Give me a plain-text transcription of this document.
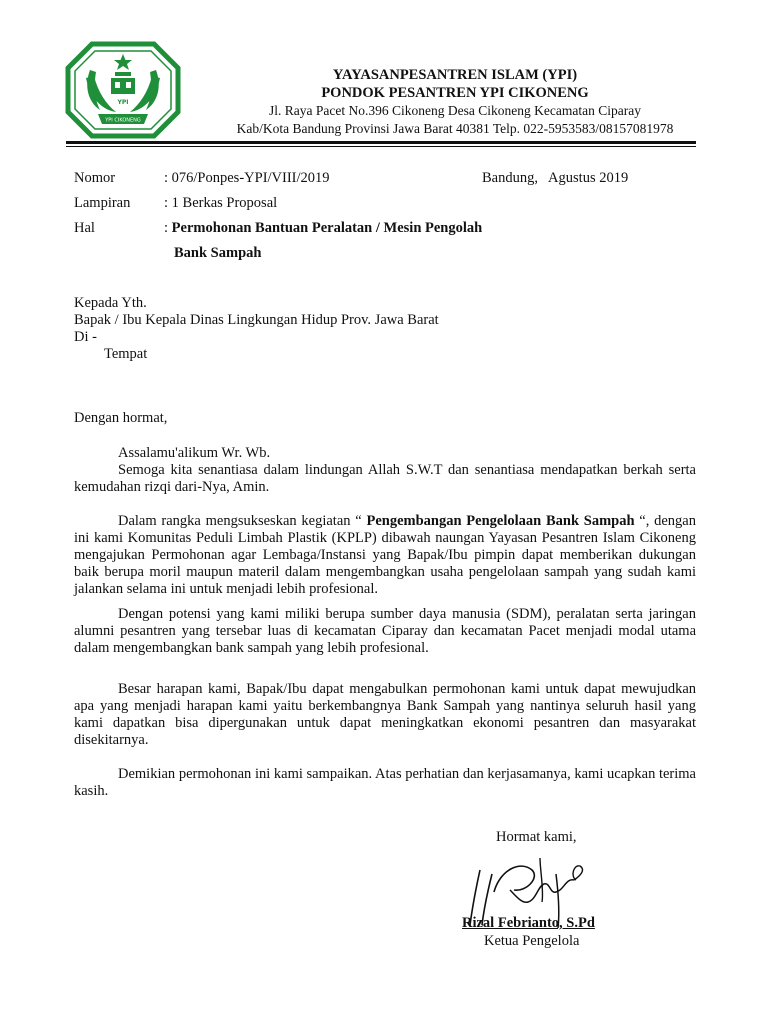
YPI CIKONENG
YPI
YAYASANPESANTREN ISLAM (YPI)
PONDOK PESANTREN YPI CIKONENG
Jl. Raya Pacet No.396 Cikoneng Desa Cikoneng Kecamatan Ciparay
Kab/Kota Bandung Provinsi Jawa Barat 40381 Telp. 022-5953583/08157081978
Nomor	: 076/Ponpes-YPI/VIII/2019	Bandung,   Agustus 2019
Lampiran : 1 Berkas Proposal
Hal	: Permohonan Bantuan Peralatan / Mesin Pengolah
Bank Sampah
Kepada Yth.
Bapak / Ibu Kepala Dinas Lingkungan Hidup Prov. Jawa Barat
Di -
Tempat
Dengan hormat,
Assalamu'alikum Wr. Wb.
Semoga kita senantiasa dalam lindungan Allah S.W.T dan senantiasa mendapatkan berkah serta kemudahan rizqi dari-Nya, Amin.
Dalam rangka mengsukseskan kegiatan “ Pengembangan Pengelolaan Bank Sampah “, dengan ini kami Komunitas Peduli Limbah Plastik (KPLP) dibawah naungan Yayasan Pesantren Islam Cikoneng mengajukan Permohonan agar Lembaga/Instansi yang Bapak/Ibu pimpin dapat memberikan dukungan baik berupa moril maupun materil dalam mengembangkan usaha pengelolaan sampah yang sudah kami jalankan selama ini untuk menjadi lebih profesional.
Dengan potensi yang kami miliki berupa sumber daya manusia (SDM), peralatan serta jaringan alumni pesantren yang tersebar luas di kecamatan Ciparay dan kecamatan Pacet menjadi modal utama dalam mengembangkan bank sampah yang lebih profesional.
Besar harapan kami, Bapak/Ibu dapat mengabulkan permohonan kami untuk dapat mewujudkan apa yang menjadi harapan kami yaitu berkembangnya Bank Sampah yang nantinya seluruh hasil yang kami dapatkan bisa dipergunakan untuk dapat meningkatkan ekonomi pesantren dan masyarakat disekitarnya.
Demikian permohonan ini kami sampaikan. Atas perhatian dan kerjasamanya, kami ucapkan terima kasih.
Hormat kami,
Rizal Febrianto, S.Pd
Ketua Pengelola
